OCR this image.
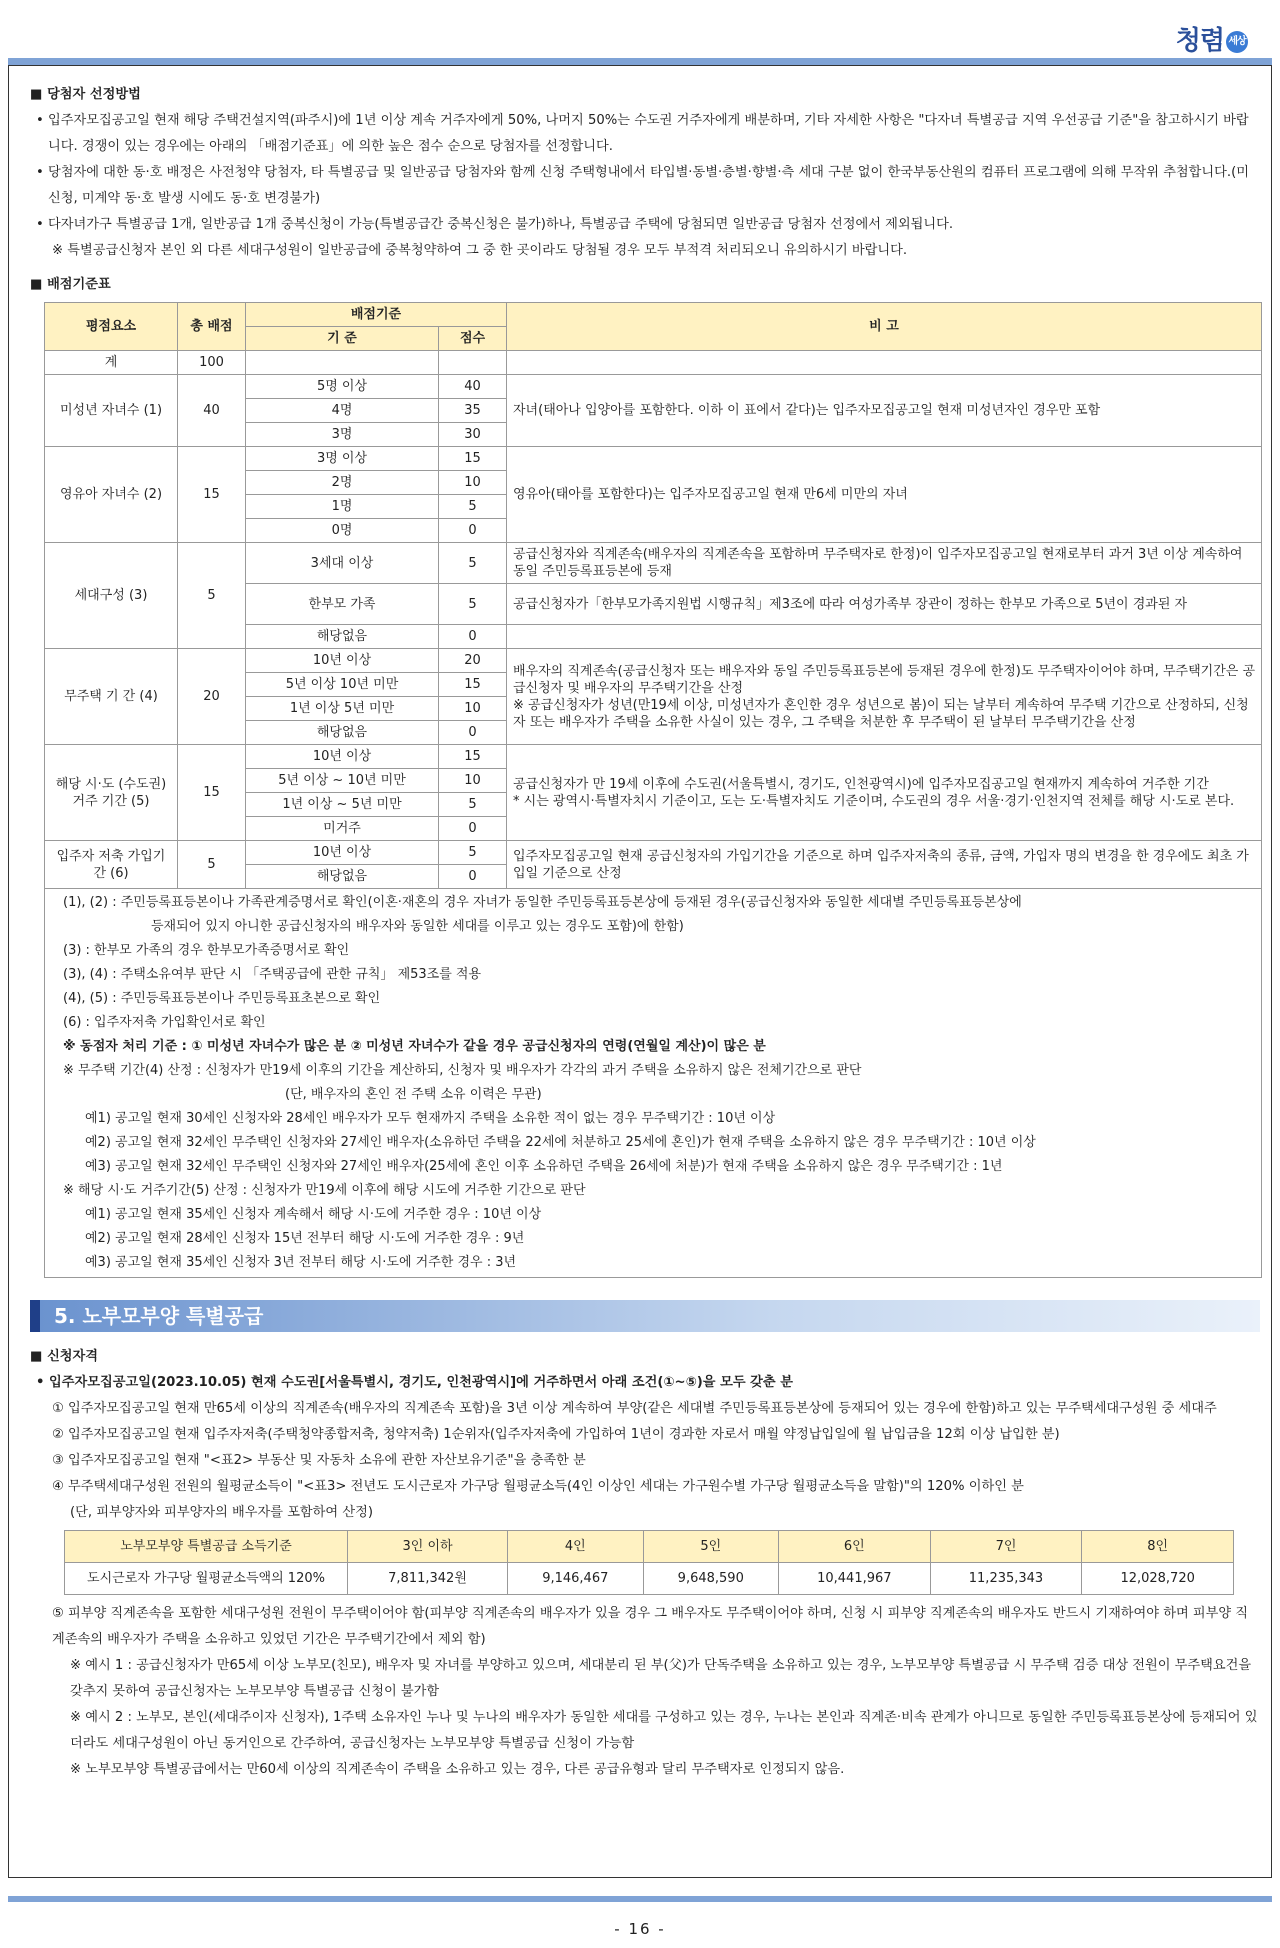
청렴 세상
■ 당첨자 선정방법
• 입주자모집공고일 현재 해당 주택건설지역(파주시)에 1년 이상 계속 거주자에게 50%, 나머지 50%는 수도권 거주자에게 배분하며, 기타 자세한 사항은 "다자녀 특별공급 지역 우선공급 기준"을 참고하시기 바랍니다. 경쟁이 있는 경우에는 아래의 「배점기준표」에 의한 높은 점수 순으로 당첨자를 선정합니다.
• 당첨자에 대한 동·호 배정은 사전청약 당첨자, 타 특별공급 및 일반공급 당첨자와 함께 신청 주택형내에서 타입별·동별·층별·향별·측 세대 구분 없이 한국부동산원의 컴퓨터 프로그램에 의해 무작위 추첨합니다.(미신청, 미계약 동·호 발생 시에도 동·호 변경불가)
• 다자녀가구 특별공급 1개, 일반공급 1개 중복신청이 가능(특별공급간 중복신청은 불가)하나, 특별공급 주택에 당첨되면 일반공급 당첨자 선정에서 제외됩니다.
※ 특별공급신청자 본인 외 다른 세대구성원이 일반공급에 중복청약하여 그 중 한 곳이라도 당첨될 경우 모두 부적격 처리되오니 유의하시기 바랍니다.
■ 배점기준표
평점요소	총 배점	배점기준		비 고
		기 준	점수	
계	100			
미성년 자녀수 (1)	40	5명 이상	40	자녀(태아나 입양아를 포함한다. 이하 이 표에서 같다)는 입주자모집공고일 현재 미성년자인 경우만 포함
		4명	35	
		3명	30	
영유아 자녀수 (2)	15	3명 이상	15	영유아(태아를 포함한다)는 입주자모집공고일 현재 만6세 미만의 자녀
		2명	10	
		1명	5	
		0명	0	
세대구성 (3)	5	3세대 이상	5	공급신청자와 직계존속(배우자의 직계존속을 포함하며 무주택자로 한정)이 입주자모집공고일 현재로부터 과거 3년 이상 계속하여 동일 주민등록표등본에 등재
		한부모 가족	5	공급신청자가「한부모가족지원법 시행규칙」제3조에 따라 여성가족부 장관이 정하는 한부모 가족으로 5년이 경과된 자
		해당없음	0	
무주택 기 간 (4)	20	10년 이상	20	배우자의 직계존속(공급신청자 또는 배우자와 동일 주민등록표등본에 등재된 경우에 한정)도 무주택자이어야 하며, 무주택기간은 공급신청자 및 배우자의 무주택기간을 산정
※ 공급신청자가 성년(만19세 이상, 미성년자가 혼인한 경우 성년으로 봄)이 되는 날부터 계속하여 무주택 기간으로 산정하되, 신청자 또는 배우자가 주택을 소유한 사실이 있는 경우, 그 주택을 처분한 후 무주택이 된 날부터 무주택기간을 산정
		5년 이상 10년 미만	15	
		1년 이상 5년 미만	10	
		해당없음	0	
해당 시·도 (수도권) 거주 기간 (5)	15	10년 이상	15	공급신청자가 만 19세 이후에 수도권(서울특별시, 경기도, 인천광역시)에 입주자모집공고일 현재까지 계속하여 거주한 기간
* 시는 광역시·특별자치시 기준이고, 도는 도·특별자치도 기준이며, 수도권의 경우 서울·경기·인천지역 전체를 해당 시·도로 본다.
		5년 이상 ~ 10년 미만	10	
		1년 이상 ~ 5년 미만	5	
		미거주	0	
입주자 저축 가입기간 (6)	5	10년 이상	5	입주자모집공고일 현재 공급신청자의 가입기간을 기준으로 하며 입주자저축의 종류, 금액, 가입자 명의 변경을 한 경우에도 최초 가입일 기준으로 산정
		해당없음	0	
(1), (2) : 주민등록표등본이나 가족관계증명서로 확인(이혼·재혼의 경우 자녀가 동일한 주민등록표등본상에 등재된 경우(공급신청자와 동일한 세대별 주민등록표등본상에
등재되어 있지 아니한 공급신청자의 배우자와 동일한 세대를 이루고 있는 경우도 포함)에 한함)
(3) : 한부모 가족의 경우 한부모가족증명서로 확인
(3), (4) : 주택소유여부 판단 시 「주택공급에 관한 규칙」 제53조를 적용
(4), (5) : 주민등록표등본이나 주민등록표초본으로 확인
(6) : 입주자저축 가입확인서로 확인
※ 동점자 처리 기준 : ① 미성년 자녀수가 많은 분 ② 미성년 자녀수가 같을 경우 공급신청자의 연령(연월일 계산)이 많은 분
※ 무주택 기간(4) 산정 : 신청자가 만19세 이후의 기간을 계산하되, 신청자 및 배우자가 각각의 과거 주택을 소유하지 않은 전체기간으로 판단
(단, 배우자의 혼인 전 주택 소유 이력은 무관)
예1) 공고일 현재 30세인 신청자와 28세인 배우자가 모두 현재까지 주택을 소유한 적이 없는 경우 무주택기간 : 10년 이상
예2) 공고일 현재 32세인 무주택인 신청자와 27세인 배우자(소유하던 주택을 22세에 처분하고 25세에 혼인)가 현재 주택을 소유하지 않은 경우 무주택기간 : 10년 이상
예3) 공고일 현재 32세인 무주택인 신청자와 27세인 배우자(25세에 혼인 이후 소유하던 주택을 26세에 처분)가 현재 주택을 소유하지 않은 경우 무주택기간 : 1년
※ 해당 시·도 거주기간(5) 산정 : 신청자가 만19세 이후에 해당 시도에 거주한 기간으로 판단
예1) 공고일 현재 35세인 신청자 계속해서 해당 시·도에 거주한 경우 : 10년 이상
예2) 공고일 현재 28세인 신청자 15년 전부터 해당 시·도에 거주한 경우 : 9년
예3) 공고일 현재 35세인 신청자 3년 전부터 해당 시·도에 거주한 경우 : 3년
5. 노부모부양 특별공급
■ 신청자격
• 입주자모집공고일(2023.10.05) 현재 수도권[서울특별시, 경기도, 인천광역시]에 거주하면서 아래 조건(①~⑤)을 모두 갖춘 분
① 입주자모집공고일 현재 만65세 이상의 직계존속(배우자의 직계존속 포함)을 3년 이상 계속하여 부양(같은 세대별 주민등록표등본상에 등재되어 있는 경우에 한함)하고 있는 무주택세대구성원 중 세대주
② 입주자모집공고일 현재 입주자저축(주택청약종합저축, 청약저축) 1순위자(입주자저축에 가입하여 1년이 경과한 자로서 매월 약정납입일에 월 납입금을 12회 이상 납입한 분)
③ 입주자모집공고일 현재 "<표2> 부동산 및 자동차 소유에 관한 자산보유기준"을 충족한 분
④ 무주택세대구성원 전원의 월평균소득이 "<표3> 전년도 도시근로자 가구당 월평균소득(4인 이상인 세대는 가구원수별 가구당 월평균소득을 말함)"의 120% 이하인 분
(단, 피부양자와 피부양자의 배우자를 포함하여 산정)
노부모부양 특별공급 소득기준	3인 이하	4인	5인	6인	7인	8인
도시근로자 가구당 월평균소득액의 120%	7,811,342원	9,146,467	9,648,590	10,441,967	11,235,343	12,028,720
⑤ 피부양 직계존속을 포함한 세대구성원 전원이 무주택이어야 함(피부양 직계존속의 배우자가 있을 경우 그 배우자도 무주택이어야 하며, 신청 시 피부양 직계존속의 배우자도 반드시 기재하여야 하며 피부양 직계존속의 배우자가 주택을 소유하고 있었던 기간은 무주택기간에서 제외 함)
※ 예시 1 : 공급신청자가 만65세 이상 노부모(친모), 배우자 및 자녀를 부양하고 있으며, 세대분리 된 부(父)가 단독주택을 소유하고 있는 경우, 노부모부양 특별공급 시 무주택 검증 대상 전원이 무주택요건을 갖추지 못하여 공급신청자는 노부모부양 특별공급 신청이 불가함
※ 예시 2 : 노부모, 본인(세대주이자 신청자), 1주택 소유자인 누나 및 누나의 배우자가 동일한 세대를 구성하고 있는 경우, 누나는 본인과 직계존·비속 관계가 아니므로 동일한 주민등록표등본상에 등재되어 있더라도 세대구성원이 아닌 동거인으로 간주하여, 공급신청자는 노부모부양 특별공급 신청이 가능함
※ 노부모부양 특별공급에서는 만60세 이상의 직계존속이 주택을 소유하고 있는 경우, 다른 공급유형과 달리 무주택자로 인정되지 않음.
- 16 -
